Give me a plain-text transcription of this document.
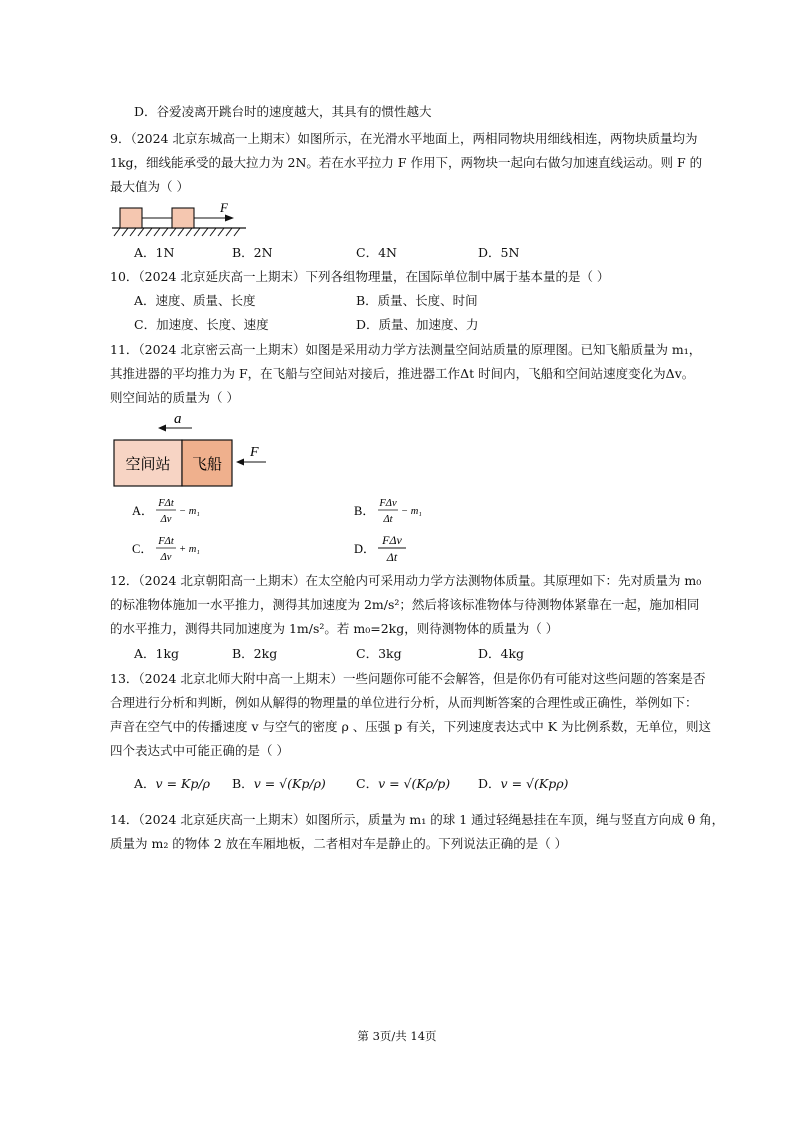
D．谷爱凌离开跳台时的速度越大，其具有的惯性越大
9．（2024 北京东城高一上期末）如图所示，在光滑水平地面上，两相同物块用细线相连，两物块质量均为
1kg，细线能承受的最大拉力为 2N。若在水平拉力 F 作用下，两物块一起向右做匀加速直线运动。则 F 的
最大值为（ ）
F
A．1N	B．2N	C．4N	D．5N
10．（2024 北京延庆高一上期末）下列各组物理量，在国际单位制中属于基本量的是（ ）
A．速度、质量、长度	B．质量、长度、时间
C．加速度、长度、速度	D．质量、加速度、力
11．（2024 北京密云高一上期末）如图是采用动力学方法测量空间站质量的原理图。已知飞船质量为 m₁，
其推进器的平均推力为 F，在飞船与空间站对接后，推进器工作Δt 时间内，飞船和空间站速度变化为Δv。
则空间站的质量为（ ）
a
空间站 飞船
F
A．
FΔt
Δv
− m₁	B．
FΔv
Δt
− m₁
C．
FΔt
Δv
+ m₁	D．
FΔv
Δt
12．（2024 北京朝阳高一上期末）在太空舱内可采用动力学方法测物体质量。其原理如下：先对质量为 m₀
的标准物体施加一水平推力，测得其加速度为 2m/s²；然后将该标准物体与待测物体紧靠在一起，施加相同
的水平推力，测得共同加速度为 1m/s²。若 m₀=2kg，则待测物体的质量为（ ）
A．1kg	B．2kg	C．3kg	D．4kg
13．（2024 北京北师大附中高一上期末）一些问题你可能不会解答，但是你仍有可能对这些问题的答案是否
合理进行分析和判断，例如从解得的物理量的单位进行分析，从而判断答案的合理性或正确性，举例如下：
声音在空气中的传播速度 v 与空气的密度 ρ 、压强 p 有关，下列速度表达式中 K 为比例系数，无单位，则这
四个表达式中可能正确的是（ ）
A．v = Kp/ρ B．v = √(Kp/ρ) C．v = √(Kρ/p) D．v = √(Kpρ)
14．（2024 北京延庆高一上期末）如图所示，质量为 m₁ 的球 1 通过轻绳悬挂在车顶，绳与竖直方向成 θ 角，
质量为 m₂ 的物体 2 放在车厢地板，二者相对车是静止的。下列说法正确的是（ ）
第 3页/共 14页
